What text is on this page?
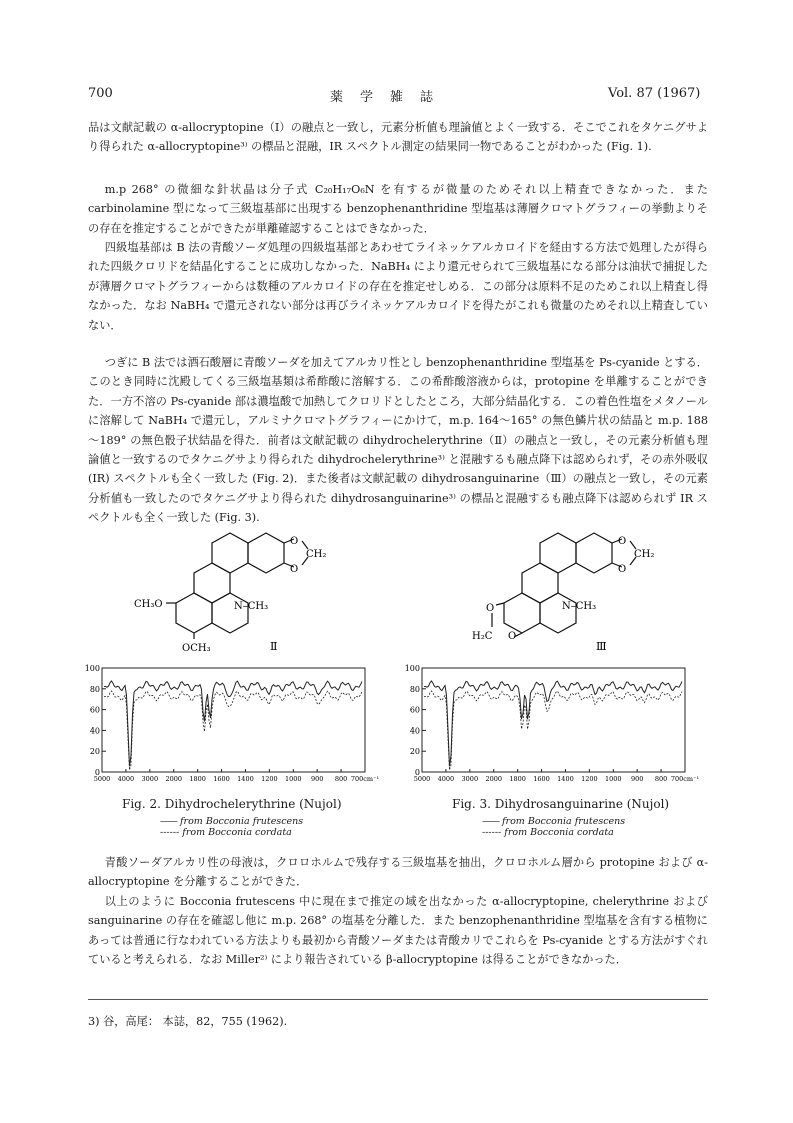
700	薬　学　雑　誌	Vol. 87 (1967)

品は文献記載の α-allocryptopine（Ⅰ）の融点と一致し，元素分析値も理論値とよく一致する．そこでこれをタケニグサより得られた α-allocryptopine³⁾ の標品と混融，IR スペクトル測定の結果同一物であることがわかった (Fig. 1).

m.p 268° の微細な針状晶は分子式 C₂₀H₁₇O₆N を有するが微量のためそれ以上精査できなかった．また carbinolamine 型になって三級塩基部に出現する benzophenanthridine 型塩基は薄層クロマトグラフィーの挙動よりその存在を推定することができたが単離確認することはできなかった．

四級塩基部は B 法の青酸ソーダ処理の四級塩基部とあわせてライネッケアルカロイドを経由する方法で処理したが得られた四級クロリドを結晶化することに成功しなかった．NaBH₄ により還元せられて三級塩基になる部分は油状で捕捉したが薄層クロマトグラフィーからは数種のアルカロイドの存在を推定せしめる．この部分は原料不足のためこれ以上精査し得なかった．なお NaBH₄ で還元されない部分は再びライネッケアルカロイドを得たがこれも微量のためそれ以上精査していない．

つぎに B 法では酒石酸層に青酸ソーダを加えてアルカリ性とし benzophenanthridine 型塩基を Ps-cyanide とする．このとき同時に沈殿してくる三級塩基類は希酢酸に溶解する．この希酢酸溶液からは，protopine を単離することができた．一方不溶の Ps-cyanide 部は濃塩酸で加熱してクロリドとしたところ，大部分結晶化する．この着色性塩をメタノールに溶解して NaBH₄ で還元し，アルミナクロマトグラフィーにかけて，m.p. 164～165° の無色鱗片状の結晶と m.p. 188～189° の無色骰子状結晶を得た．前者は文献記載の dihydrochelerythrine（Ⅱ）の融点と一致し，その元素分析値も理論値と一致するのでタケニグサより得られた dihydrochelerythrine³⁾ と混融するも融点降下は認められず，その赤外吸収 (IR) スペクトルも全く一致した (Fig. 2)．また後者は文献記載の dihydrosanguinarine（Ⅲ）の融点と一致し，その元素分析値も一致したのでタケニグサより得られた dihydrosanguinarine³⁾ の標品と混融するも融点降下は認められず IR スペクトルも全く一致した (Fig. 3).

O
O
CH₂
N–CH₃
CH₃O
OCH₃	Ⅱ
O
O
CH₂
N–CH₃
O
H₂C O
Ⅲ
100
80
60
40
20
0
5000 4000 3000 2000 1800 1600 1400 1200 1000 900 800 700cm⁻¹
100
80
60
40
20
0
5000 4000 3000 2000 1800 1600 1400 1200 1000 900 800 700cm⁻¹
Fig. 2. Dihydrochelerythrine (Nujol)
—— from Bocconia frutescens
------ from Bocconia cordata
Fig. 3. Dihydrosanguinarine (Nujol)
—— from Bocconia frutescens
------ from Bocconia cordata

青酸ソーダアルカリ性の母液は，クロロホルムで残存する三級塩基を抽出，クロロホルム層から protopine および α-allocryptopine を分離することができた．

以上のように Bocconia frutescens 中に現在まで推定の域を出なかった α-allocryptopine, chelerythrine および sanguinarine の存在を確認し他に m.p. 268° の塩基を分離した．また benzophenanthridine 型塩基を含有する植物にあっては普通に行なわれている方法よりも最初から青酸ソーダまたは青酸カリでこれらを Ps-cyanide とする方法がすぐれていると考えられる．なお Miller²⁾ により報告されている β-allocryptopine は得ることができなかった．

3) 谷，高尾： 本誌，82，755 (1962).
